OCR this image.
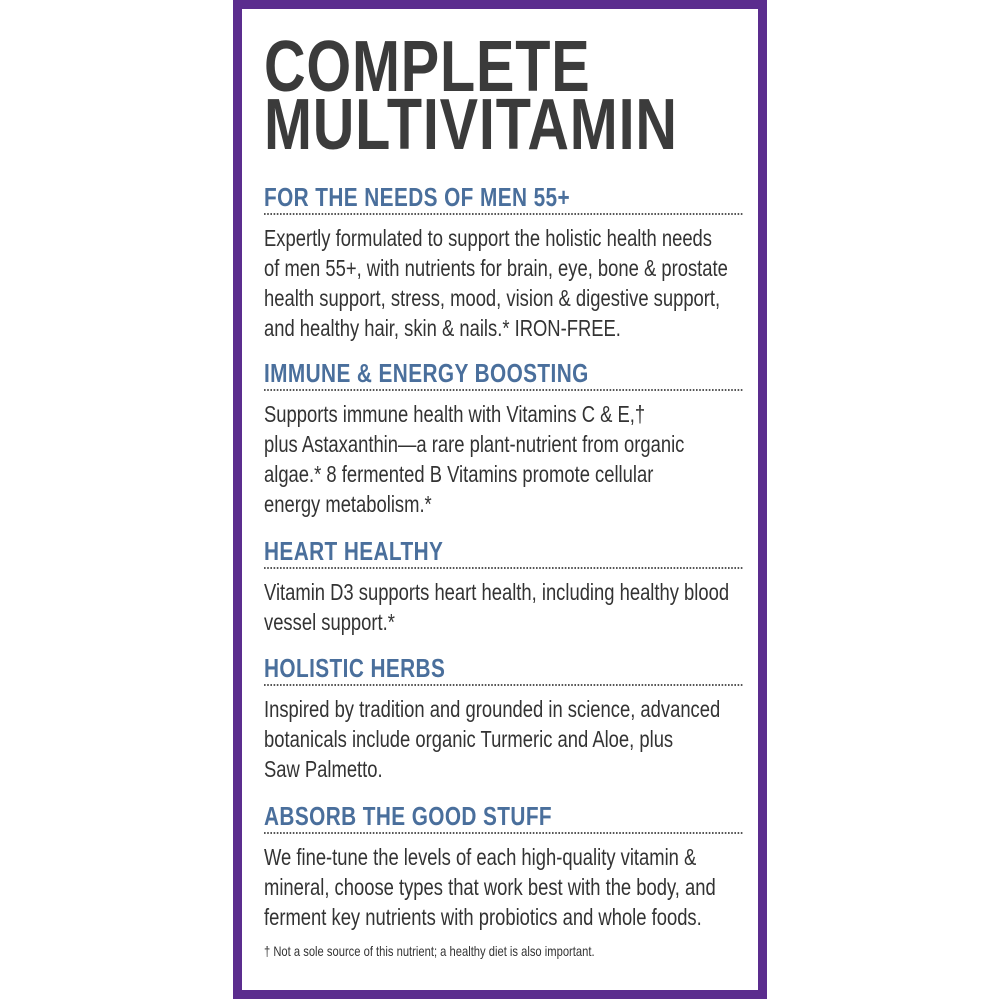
COMPLETE
MULTIVITAMIN
FOR THE NEEDS OF MEN 55+
Expertly formulated to support the holistic health needs
of men 55+, with nutrients for brain, eye, bone & prostate
health support, stress, mood, vision & digestive support,
and healthy hair, skin & nails.* IRON-FREE.
IMMUNE & ENERGY BOOSTING
Supports immune health with Vitamins C & E,†
plus Astaxanthin—a rare plant-nutrient from organic
algae.* 8 fermented B Vitamins promote cellular
energy metabolism.*
HEART HEALTHY
Vitamin D3 supports heart health, including healthy blood
vessel support.*
HOLISTIC HERBS
Inspired by tradition and grounded in science, advanced
botanicals include organic Turmeric and Aloe, plus
Saw Palmetto.
ABSORB THE GOOD STUFF
We fine-tune the levels of each high-quality vitamin &
mineral, choose types that work best with the body, and
ferment key nutrients with probiotics and whole foods.
† Not a sole source of this nutrient; a healthy diet is also important.
